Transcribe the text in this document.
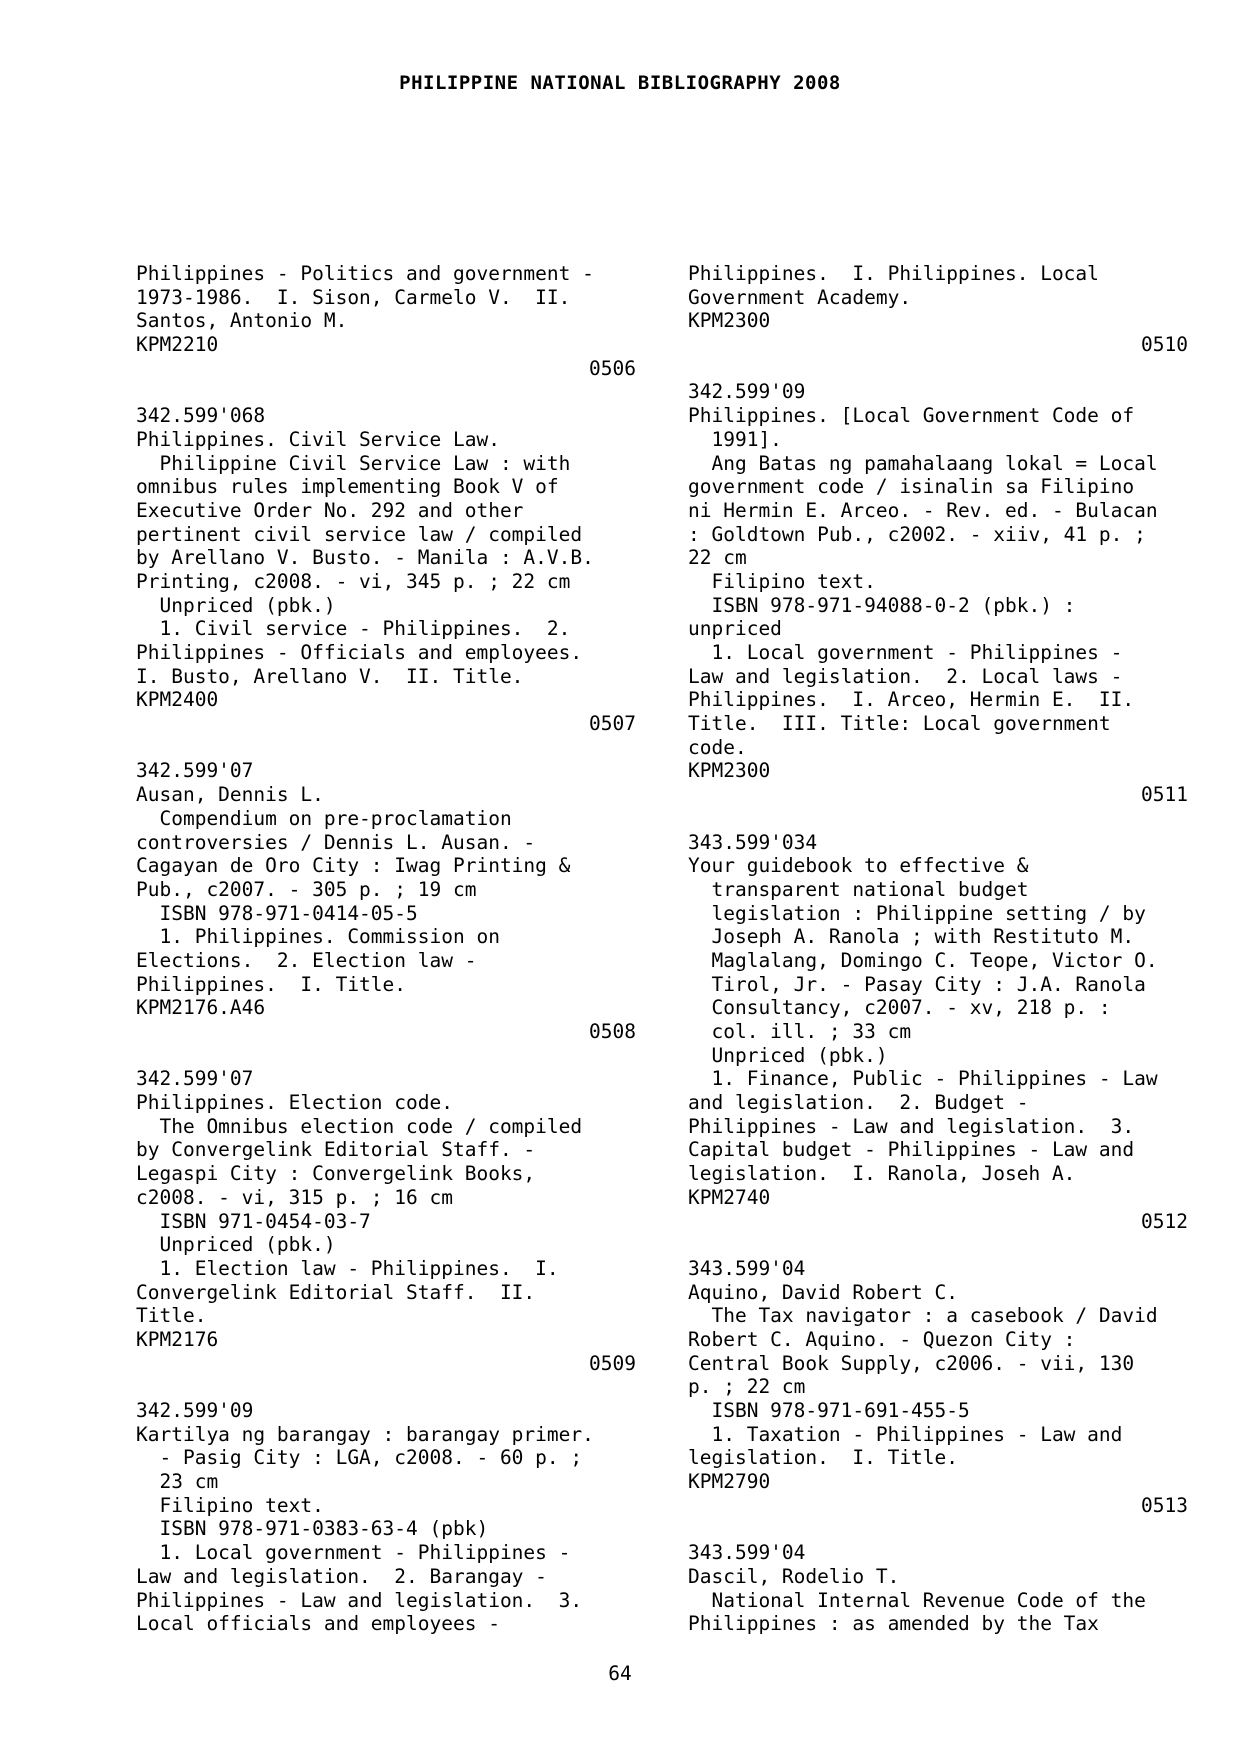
PHILIPPINE NATIONAL BIBLIOGRAPHY 2008
Philippines - Politics and government -
1973-1986.  I. Sison, Carmelo V.  II.
Santos, Antonio M.
KPM2210
0506
342.599'068
Philippines. Civil Service Law.
Philippine Civil Service Law : with
omnibus rules implementing Book V of
Executive Order No. 292 and other
pertinent civil service law / compiled
by Arellano V. Busto. - Manila : A.V.B.
Printing, c2008. - vi, 345 p. ; 22 cm
Unpriced (pbk.)
1. Civil service - Philippines.  2.
Philippines - Officials and employees.
I. Busto, Arellano V.  II. Title.
KPM2400
0507
342.599'07
Ausan, Dennis L.
Compendium on pre-proclamation
controversies / Dennis L. Ausan. -
Cagayan de Oro City : Iwag Printing &
Pub., c2007. - 305 p. ; 19 cm
ISBN 978-971-0414-05-5
1. Philippines. Commission on
Elections.  2. Election law -
Philippines.  I. Title.
KPM2176.A46
0508
342.599'07
Philippines. Election code.
The Omnibus election code / compiled
by Convergelink Editorial Staff. -
Legaspi City : Convergelink Books,
c2008. - vi, 315 p. ; 16 cm
ISBN 971-0454-03-7
Unpriced (pbk.)
1. Election law - Philippines.  I.
Convergelink Editorial Staff.  II.
Title.
KPM2176
0509
342.599'09
Kartilya ng barangay : barangay primer.
- Pasig City : LGA, c2008. - 60 p. ;
23 cm
Filipino text.
ISBN 978-971-0383-63-4 (pbk)
1. Local government - Philippines -
Law and legislation.  2. Barangay -
Philippines - Law and legislation.  3.
Local officials and employees -
Philippines.  I. Philippines. Local
Government Academy.
KPM2300
0510
342.599'09
Philippines. [Local Government Code of
1991].
Ang Batas ng pamahalaang lokal = Local
government code / isinalin sa Filipino
ni Hermin E. Arceo. - Rev. ed. - Bulacan
: Goldtown Pub., c2002. - xiiv, 41 p. ;
22 cm
Filipino text.
ISBN 978-971-94088-0-2 (pbk.) :
unpriced
1. Local government - Philippines -
Law and legislation.  2. Local laws -
Philippines.  I. Arceo, Hermin E.  II.
Title.  III. Title: Local government
code.
KPM2300
0511
343.599'034
Your guidebook to effective &
transparent national budget
legislation : Philippine setting / by
Joseph A. Ranola ; with Restituto M.
Maglalang, Domingo C. Teope, Victor O.
Tirol, Jr. - Pasay City : J.A. Ranola
Consultancy, c2007. - xv, 218 p. :
col. ill. ; 33 cm
Unpriced (pbk.)
1. Finance, Public - Philippines - Law
and legislation.  2. Budget -
Philippines - Law and legislation.  3.
Capital budget - Philippines - Law and
legislation.  I. Ranola, Joseh A.
KPM2740
0512
343.599'04
Aquino, David Robert C.
The Tax navigator : a casebook / David
Robert C. Aquino. - Quezon City :
Central Book Supply, c2006. - vii, 130
p. ; 22 cm
ISBN 978-971-691-455-5
1. Taxation - Philippines - Law and
legislation.  I. Title.
KPM2790
0513
343.599'04
Dascil, Rodelio T.
National Internal Revenue Code of the
Philippines : as amended by the Tax
64
